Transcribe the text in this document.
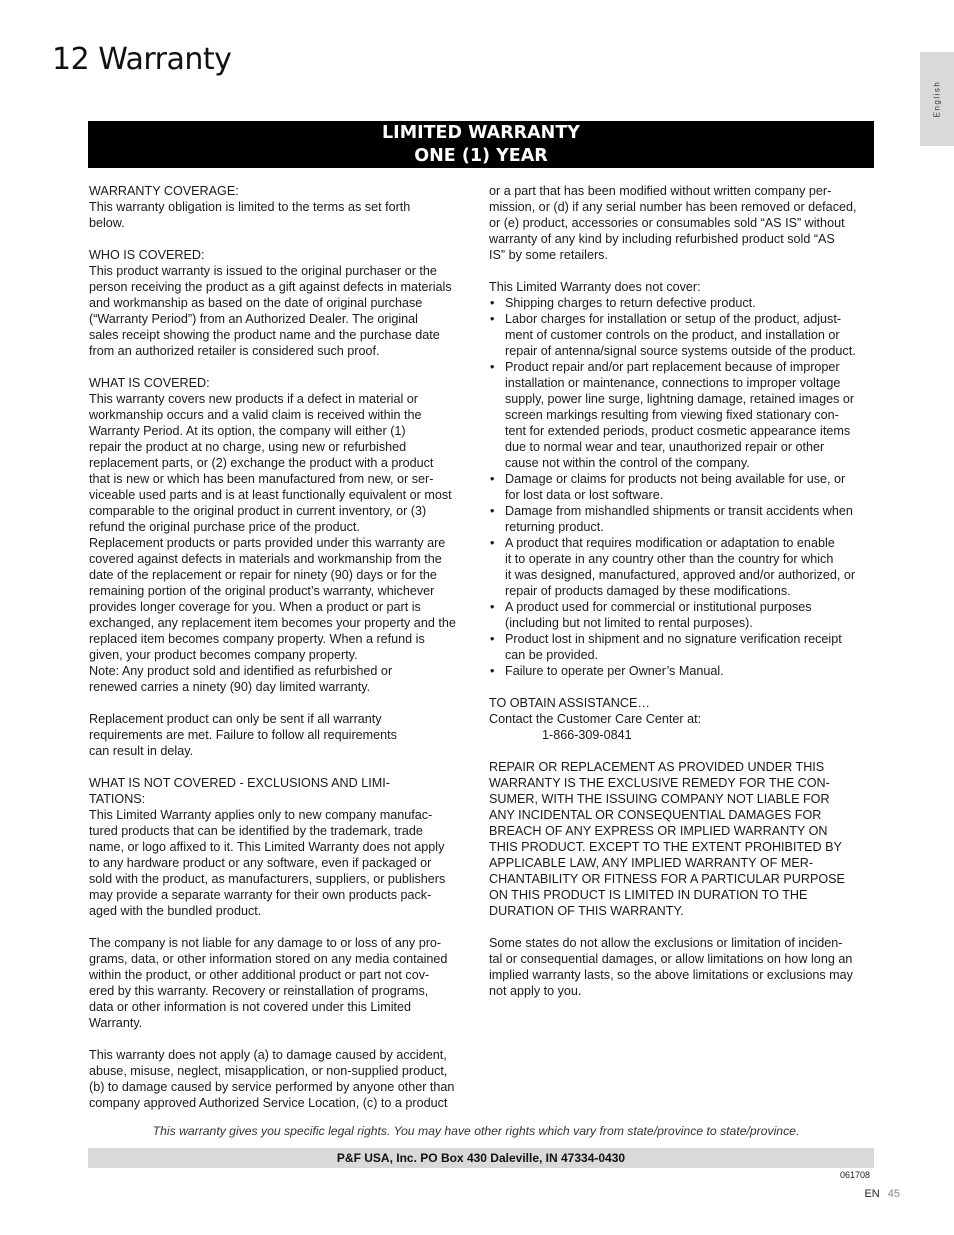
12 Warranty
English
LIMITED WARRANTY
ONE (1) YEAR

WARRANTY COVERAGE:

This warranty obligation is limited to the terms as set forth

below.

WHO IS COVERED:

This product warranty is issued to the original purchaser or the

person receiving the product as a gift against defects in materials

and workmanship as based on the date of original purchase

(“Warranty Period”) from an Authorized Dealer. The original

sales receipt showing the product name and the purchase date

from an authorized retailer is considered such proof.

WHAT IS COVERED:

This warranty covers new products if a defect in material or

workmanship occurs and a valid claim is received within the

Warranty Period. At its option, the company will either (1)

repair the product at no charge, using new or refurbished

replacement parts, or (2) exchange the product with a product

that is new or which has been manufactured from new, or ser-

viceable used parts and is at least functionally equivalent or most

comparable to the original product in current inventory, or (3)

refund the original purchase price of the product.

Replacement products or parts provided under this warranty are

covered against defects in materials and workmanship from the

date of the replacement or repair for ninety (90) days or for the

remaining portion of the original product’s warranty, whichever

provides longer coverage for you. When a product or part is

exchanged, any replacement item becomes your property and the

replaced item becomes company property. When a refund is

given, your product becomes company property.

Note: Any product sold and identified as refurbished or

renewed carries a ninety (90) day limited warranty.

Replacement product can only be sent if all warranty

requirements are met. Failure to follow all requirements

can result in delay.

WHAT IS NOT COVERED - EXCLUSIONS AND LIMI-

TATIONS:

This Limited Warranty applies only to new company manufac-

tured products that can be identified by the trademark, trade

name, or logo affixed to it. This Limited Warranty does not apply

to any hardware product or any software, even if packaged or

sold with the product, as manufacturers, suppliers, or publishers

may provide a separate warranty for their own products pack-

aged with the bundled product.

The company is not liable for any damage to or loss of any pro-

grams, data, or other information stored on any media contained

within the product, or other additional product or part not cov-

ered by this warranty. Recovery or reinstallation of programs,

data or other information is not covered under this Limited

Warranty.

This warranty does not apply (a) to damage caused by accident,

abuse, misuse, neglect, misapplication, or non-supplied product,

(b) to damage caused by service performed by anyone other than

company approved Authorized Service Location, (c) to a product

or a part that has been modified without written company per-

mission, or (d) if any serial number has been removed or defaced,

or (e) product, accessories or consumables sold “AS IS” without

warranty of any kind by including refurbished product sold “AS

IS” by some retailers.

This Limited Warranty does not cover:

• Shipping charges to return defective product.
• Labor charges for installation or setup of the product, adjust-
ment of customer controls on the product, and installation or
repair of antenna/signal source systems outside of the product.
• Product repair and/or part replacement because of improper
installation or maintenance, connections to improper voltage
supply, power line surge, lightning damage, retained images or
screen markings resulting from viewing fixed stationary con-
tent for extended periods, product cosmetic appearance items
due to normal wear and tear, unauthorized repair or other
cause not within the control of the company.
• Damage or claims for products not being available for use, or
for lost data or lost software.
• Damage from mishandled shipments or transit accidents when
returning product.
• A product that requires modification or adaptation to enable
it to operate in any country other than the country for which
it was designed, manufactured, approved and/or authorized, or
repair of products damaged by these modifications.
• A product used for commercial or institutional purposes
(including but not limited to rental purposes).
• Product lost in shipment and no signature verification receipt
can be provided.
• Failure to operate per Owner’s Manual.

TO OBTAIN ASSISTANCE…

Contact the Customer Care Center at:

1-866-309-0841

REPAIR OR REPLACEMENT AS PROVIDED UNDER THIS

WARRANTY IS THE EXCLUSIVE REMEDY FOR THE CON-

SUMER, WITH THE ISSUING COMPANY NOT LIABLE FOR

ANY INCIDENTAL OR CONSEQUENTIAL DAMAGES FOR

BREACH OF ANY EXPRESS OR IMPLIED WARRANTY ON

THIS PRODUCT. EXCEPT TO THE EXTENT PROHIBITED BY

APPLICABLE LAW, ANY IMPLIED WARRANTY OF MER-

CHANTABILITY OR FITNESS FOR A PARTICULAR PURPOSE

ON THIS PRODUCT IS LIMITED IN DURATION TO THE

DURATION OF THIS WARRANTY.

Some states do not allow the exclusions or limitation of inciden-

tal or consequential damages, or allow limitations on how long an

implied warranty lasts, so the above limitations or exclusions may

not apply to you.

This warranty gives you specific legal rights. You may have other rights which vary from state/province to state/province.
P&F USA, Inc. PO Box 430 Daleville, IN 47334-0430
061708
EN 45
